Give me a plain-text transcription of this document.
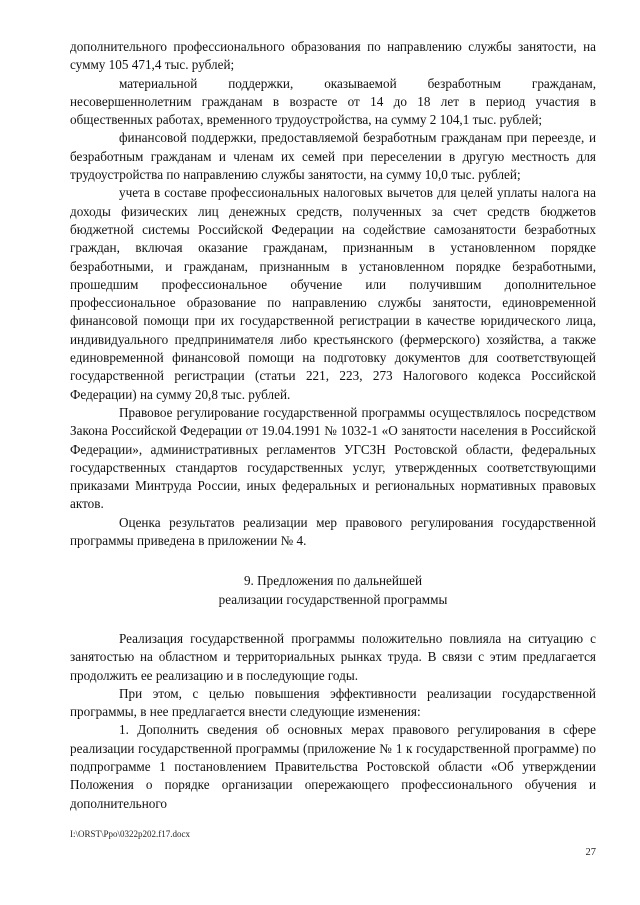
дополнительного профессионального образования по направлению службы занятости, на сумму 105 471,4 тыс. рублей;

материальной поддержки, оказываемой безработным гражданам, несовершеннолетним гражданам в возрасте от 14 до 18 лет в период участия в общественных работах, временного трудоустройства, на сумму 2 104,1 тыс. рублей;

финансовой поддержки, предоставляемой безработным гражданам при переезде, и безработным гражданам и членам их семей при переселении в другую местность для трудоустройства по направлению службы занятости, на сумму 10,0 тыс. рублей;

учета в составе профессиональных налоговых вычетов для целей уплаты налога на доходы физических лиц денежных средств, полученных за счет средств бюджетов бюджетной системы Российской Федерации на содействие самозанятости безработных граждан, включая оказание гражданам, признанным в установленном порядке безработными, и гражданам, признанным в установленном порядке безработными, прошедшим профессиональное обучение или получившим дополнительное профессиональное образование по направлению службы занятости, единовременной финансовой помощи при их государственной регистрации в качестве юридического лица, индивидуального предпринимателя либо крестьянского (фермерского) хозяйства, а также единовременной финансовой помощи на подготовку документов для соответствующей государственной регистрации (статьи 221, 223, 273 Налогового кодекса Российской Федерации) на сумму 20,8 тыс. рублей.

Правовое регулирование государственной программы осуществлялось посредством Закона Российской Федерации от 19.04.1991 № 1032-1 «О занятости населения в Российской Федерации», административных регламентов УГСЗН Ростовской области, федеральных государственных стандартов государственных услуг, утвержденных соответствующими приказами Минтруда России, иных федеральных и региональных нормативных правовых актов.

Оценка результатов реализации мер правового регулирования государственной программы приведена в приложении № 4.

9. Предложения по дальнейшей
реализации государственной программы

Реализация государственной программы положительно повлияла на ситуацию с занятостью на областном и территориальных рынках труда. В связи с этим предлагается продолжить ее реализацию и в последующие годы.

При этом, с целью повышения эффективности реализации государственной программы, в нее предлагается внести следующие изменения:

1. Дополнить сведения об основных мерах правового регулирования в сфере реализации государственной программы (приложение № 1 к государственной программе) по подпрограмме 1 постановлением Правительства Ростовской области «Об утверждении Положения о порядке организации опережающего профессионального обучения и дополнительного

I:\ORST\Ppo\0322p202.f17.docx
27
